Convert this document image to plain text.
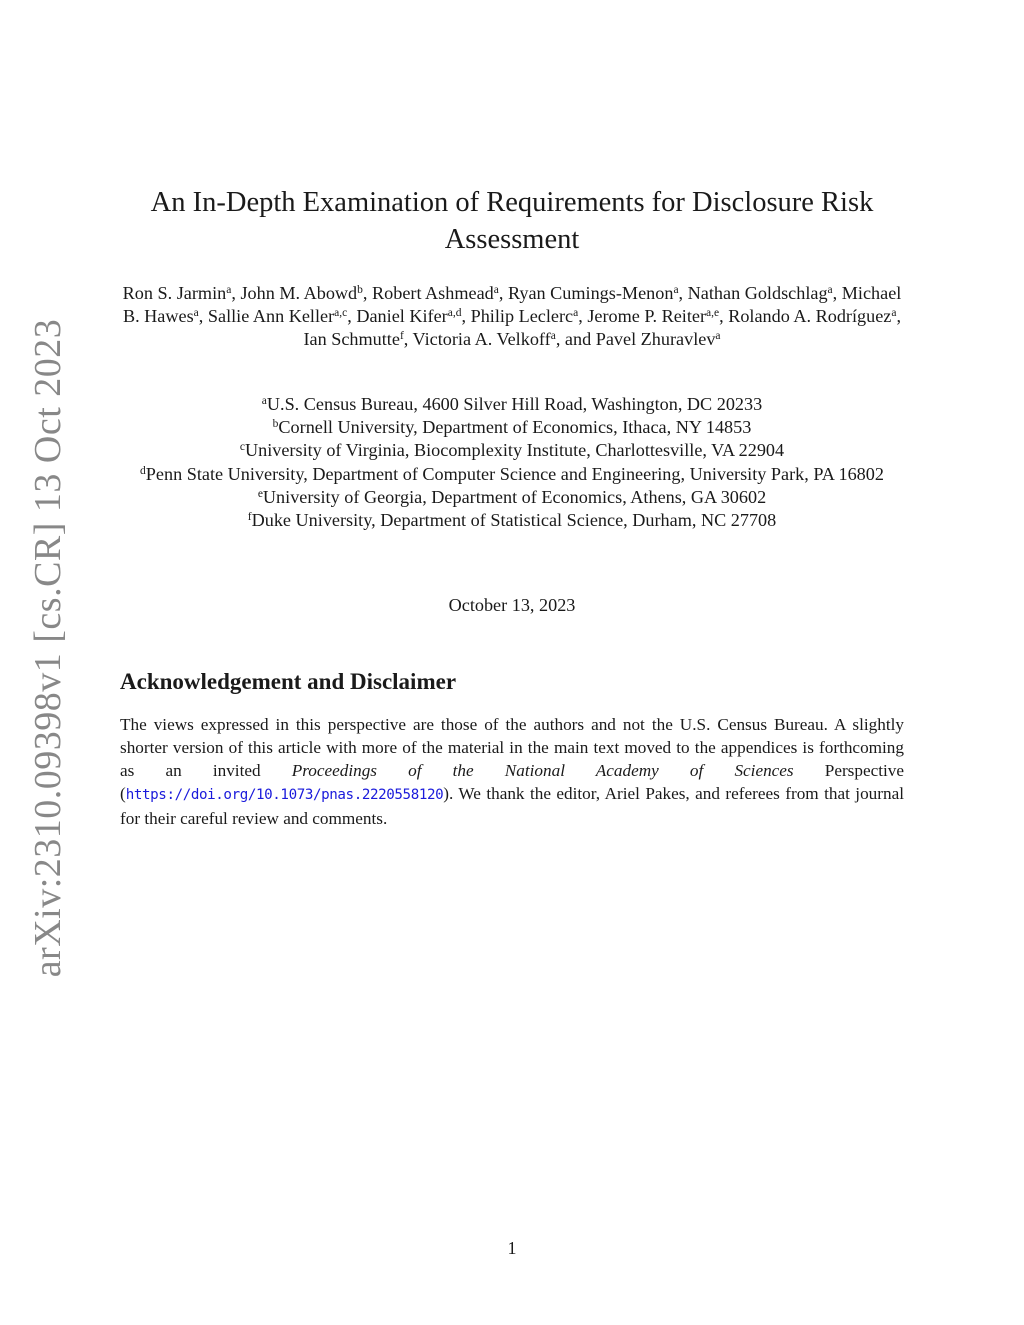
arXiv:2310.09398v1 [cs.CR] 13 Oct 2023
An In-Depth Examination of Requirements for Disclosure Risk
Assessment

Ron S. Jarmin$^a$, John M. Abowd$^b$, Robert Ashmead$^a$, Ryan Cumings-Menon$^a$, Nathan Goldschlag$^a$, Michael B. Hawes$^a$, Sallie Ann Keller$^{a,c}$, Daniel Kifer$^{a,d}$, Philip Leclerc$^a$, Jerome P. Reiter$^{a,e}$, Rolando A. Rodríguez$^a$, Ian Schmutte$^f$, Victoria A. Velkoff$^a$, and Pavel Zhuravlev$^a$

$^a$U.S. Census Bureau, 4600 Silver Hill Road, Washington, DC 20233
$^b$Cornell University, Department of Economics, Ithaca, NY 14853
$^c$University of Virginia, Biocomplexity Institute, Charlottesville, VA 22904
$^d$Penn State University, Department of Computer Science and Engineering, University Park, PA 16802
$^e$University of Georgia, Department of Economics, Athens, GA 30602
$^f$Duke University, Department of Statistical Science, Durham, NC 27708
October 13, 2023
Acknowledgement and Disclaimer

The views expressed in this perspective are those of the authors and not the U.S. Census Bureau. A slightly shorter version of this article with more of the material in the main text moved to the appendices is forthcoming as an invited Proceedings of the National Academy of Sciences Perspective (https://doi.org/10.1073/pnas.2220558120). We thank the editor, Ariel Pakes, and referees from that journal for their careful review and comments.

1
